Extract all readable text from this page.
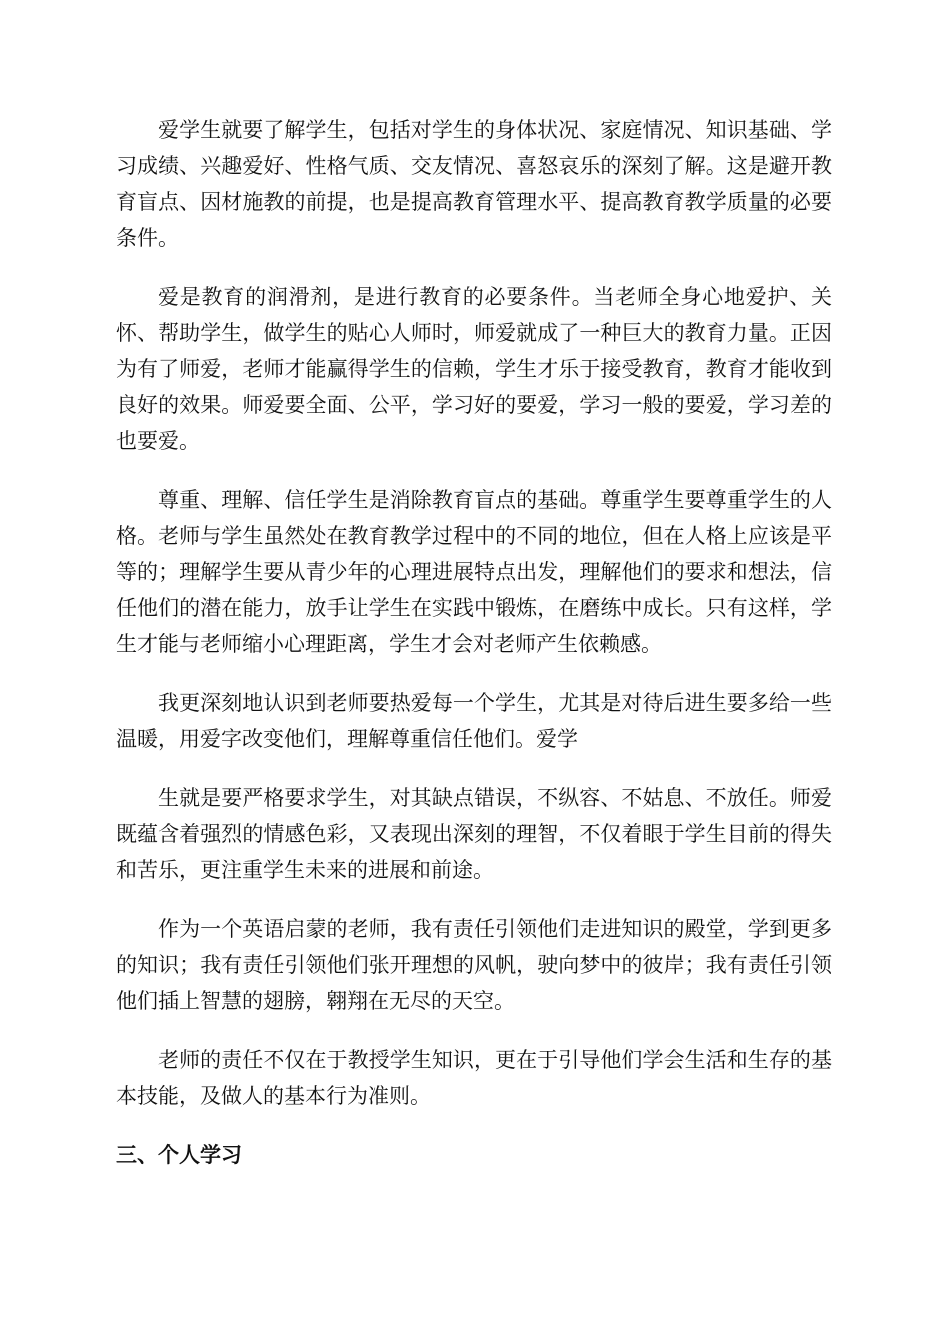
爱学生就要了解学生，包括对学生的身体状况、家庭情况、知识基础、学习成绩、兴趣爱好、性格气质、交友情况、喜怒哀乐的深刻了解。这是避开教育盲点、因材施教的前提，也是提高教育管理水平、提高教育教学质量的必要条件。

爱是教育的润滑剂，是进行教育的必要条件。当老师全身心地爱护、关怀、帮助学生，做学生的贴心人师时，师爱就成了一种巨大的教育力量。正因为有了师爱，老师才能赢得学生的信赖，学生才乐于接受教育，教育才能收到良好的效果。师爱要全面、公平，学习好的要爱，学习一般的要爱，学习差的也要爱。

尊重、理解、信任学生是消除教育盲点的基础。尊重学生要尊重学生的人格。老师与学生虽然处在教育教学过程中的不同的地位，但在人格上应该是平等的；理解学生要从青少年的心理进展特点出发，理解他们的要求和想法，信任他们的潜在能力，放手让学生在实践中锻炼，在磨练中成长。只有这样，学生才能与老师缩小心理距离，学生才会对老师产生依赖感。

我更深刻地认识到老师要热爱每一个学生，尤其是对待后进生要多给一些温暖，用爱字改变他们，理解尊重信任他们。爱学

生就是要严格要求学生，对其缺点错误，不纵容、不姑息、不放任。师爱既蕴含着强烈的情感色彩，又表现出深刻的理智，不仅着眼于学生目前的得失和苦乐，更注重学生未来的进展和前途。

作为一个英语启蒙的老师，我有责任引领他们走进知识的殿堂，学到更多的知识；我有责任引领他们张开理想的风帆，驶向梦中的彼岸；我有责任引领他们插上智慧的翅膀，翱翔在无尽的天空。

老师的责任不仅在于教授学生知识，更在于引导他们学会生活和生存的基本技能，及做人的基本行为准则。

三、个人学习
